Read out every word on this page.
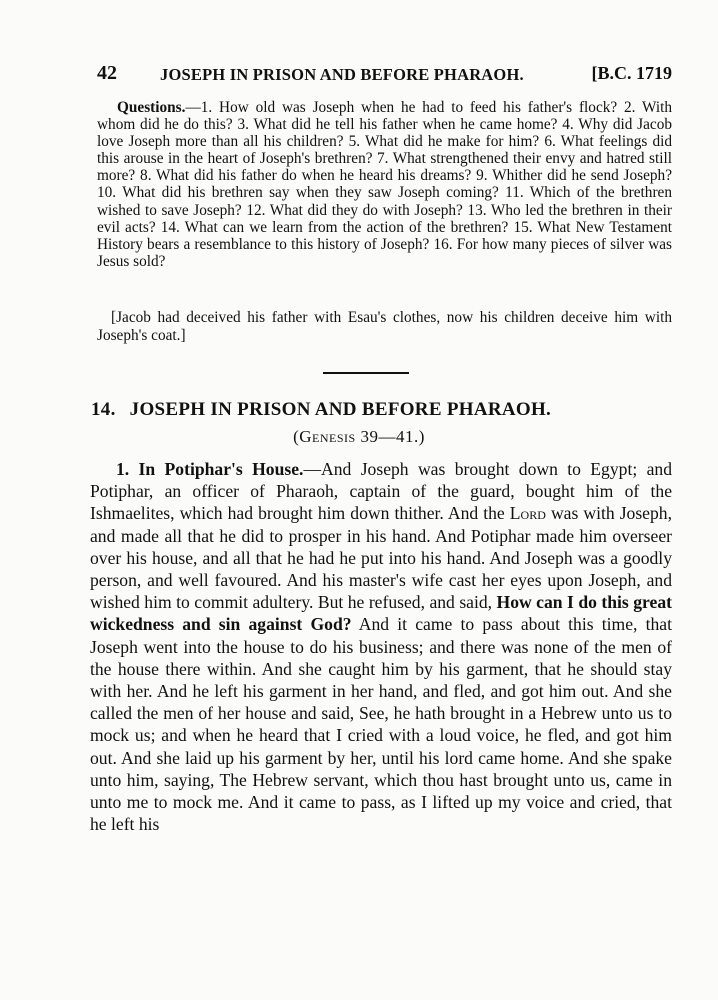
42	JOSEPH IN PRISON AND BEFORE PHARAOH.	[B.C. 1719

Questions.—1. How old was Joseph when he had to feed his father's flock? 2. With whom did he do this? 3. What did he tell his father when he came home? 4. Why did Jacob love Joseph more than all his children? 5. What did he make for him? 6. What feelings did this arouse in the heart of Joseph's brethren? 7. What strengthened their envy and hatred still more? 8. What did his father do when he heard his dreams? 9. Whither did he send Joseph? 10. What did his brethren say when they saw Joseph coming? 11. Which of the brethren wished to save Joseph? 12. What did they do with Joseph? 13. Who led the brethren in their evil acts? 14. What can we learn from the action of the brethren? 15. What New Testament History bears a resemblance to this history of Joseph? 16. For how many pieces of silver was Jesus sold?

[Jacob had deceived his father with Esau's clothes, now his children deceive him with Joseph's coat.]

14. JOSEPH IN PRISON AND BEFORE PHARAOH.
(Genesis 39—41.)

1. In Potiphar's House.—And Joseph was brought down to Egypt; and Potiphar, an officer of Pharaoh, captain of the guard, bought him of the Ishmaelites, which had brought him down thither. And the Lord was with Joseph, and made all that he did to prosper in his hand. And Potiphar made him overseer over his house, and all that he had he put into his hand. And Joseph was a goodly person, and well favoured. And his master's wife cast her eyes upon Joseph, and wished him to commit adultery. But he refused, and said, How can I do this great wickedness and sin against God? And it came to pass about this time, that Joseph went into the house to do his business; and there was none of the men of the house there within. And she caught him by his garment, that he should stay with her. And he left his garment in her hand, and fled, and got him out. And she called the men of her house and said, See, he hath brought in a Hebrew unto us to mock us; and when he heard that I cried with a loud voice, he fled, and got him out. And she laid up his garment by her, until his lord came home. And she spake unto him, saying, The Hebrew servant, which thou hast brought unto us, came in unto me to mock me. And it came to pass, as I lifted up my voice and cried, that he left his
